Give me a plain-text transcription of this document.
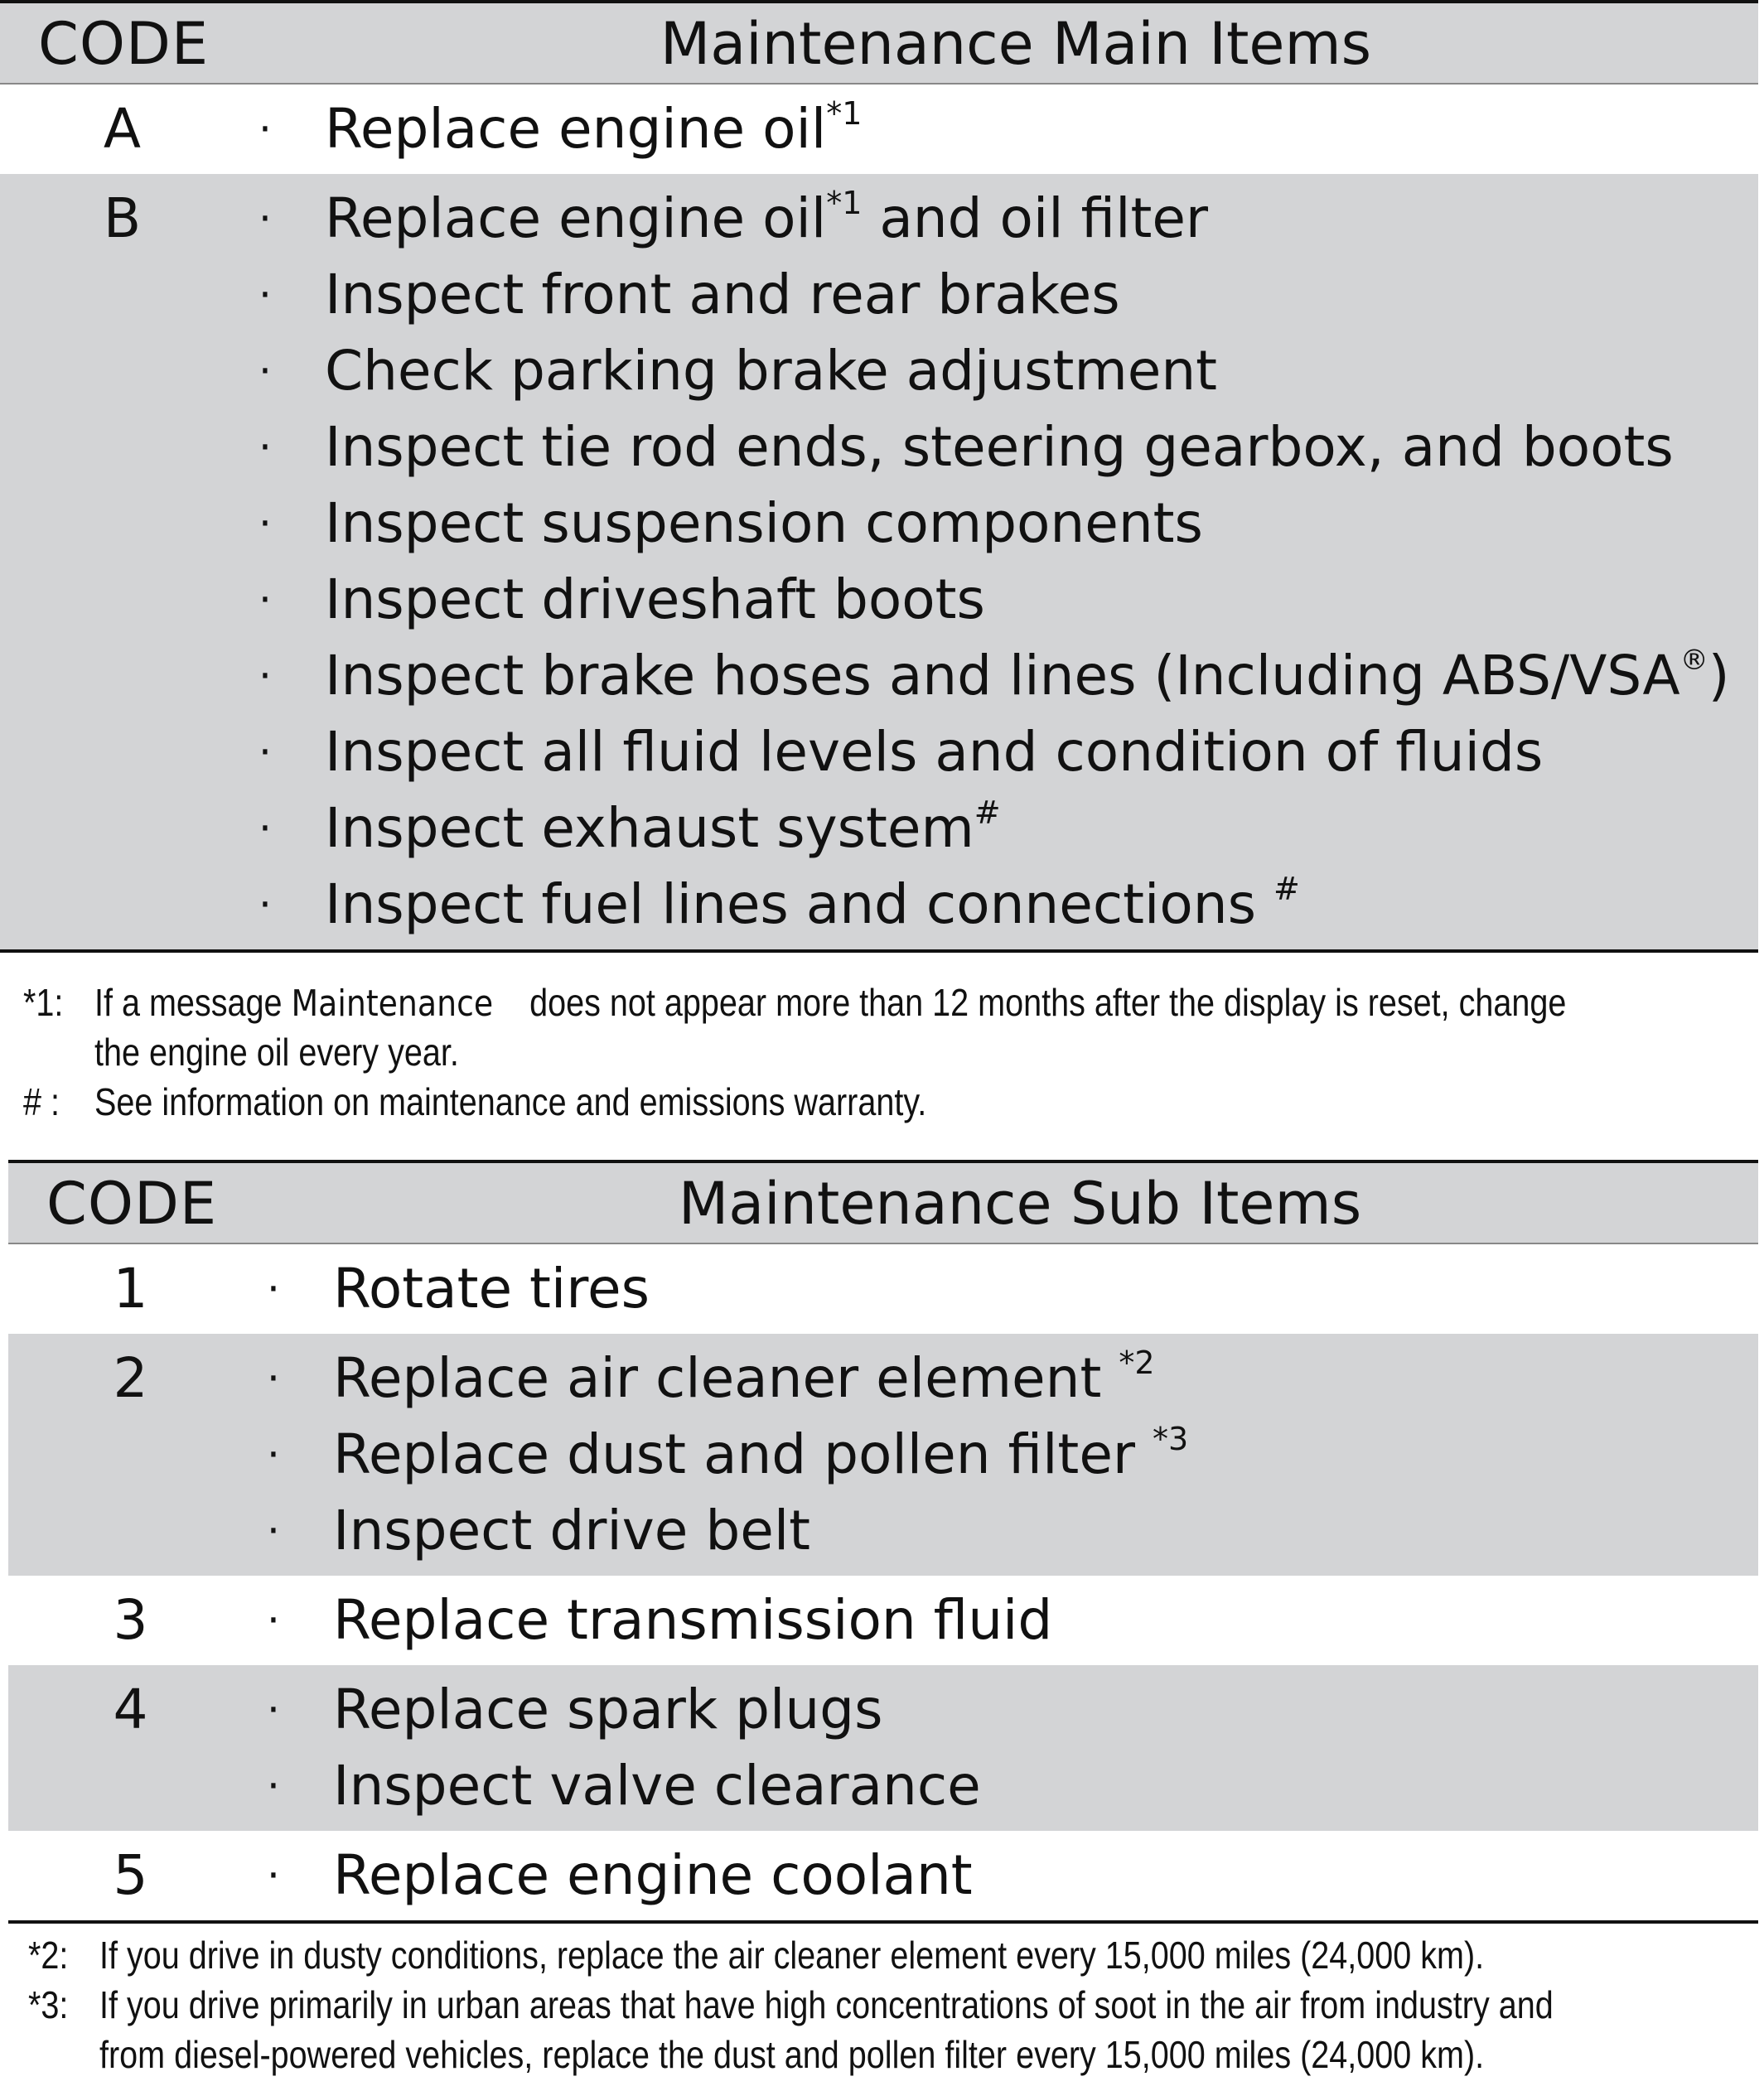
CODE	Maintenance Main Items
A	· Replace engine oil$^{*1}$
B	· Replace engine oil$^{*1}$ and oil filter
· Inspect front and rear brakes
· Check parking brake adjustment
· Inspect tie rod ends, steering gearbox, and boots
· Inspect suspension components
· Inspect driveshaft boots
· Inspect brake hoses and lines (Including ABS/VSA®)
· Inspect all fluid levels and condition of fluids
· Inspect exhaust system#
· Inspect fuel lines and connections #
*1: If a message Maintenance    does not appear more than 12 months after the display is reset, change
the engine oil every year.
# : See information on maintenance and emissions warranty.
CODE	Maintenance Sub Items
1	· Rotate tires
2	· Replace air cleaner element $^{*2}$
· Replace dust and pollen filter $^{*3}$
· Inspect drive belt
3	· Replace transmission fluid
4	· Replace spark plugs
· Inspect valve clearance
5	· Replace engine coolant
*2: If you drive in dusty conditions, replace the air cleaner element every 15,000 miles (24,000 km).
*3: If you drive primarily in urban areas that have high concentrations of soot in the air from industry and
from diesel-powered vehicles, replace the dust and pollen filter every 15,000 miles (24,000 km).
